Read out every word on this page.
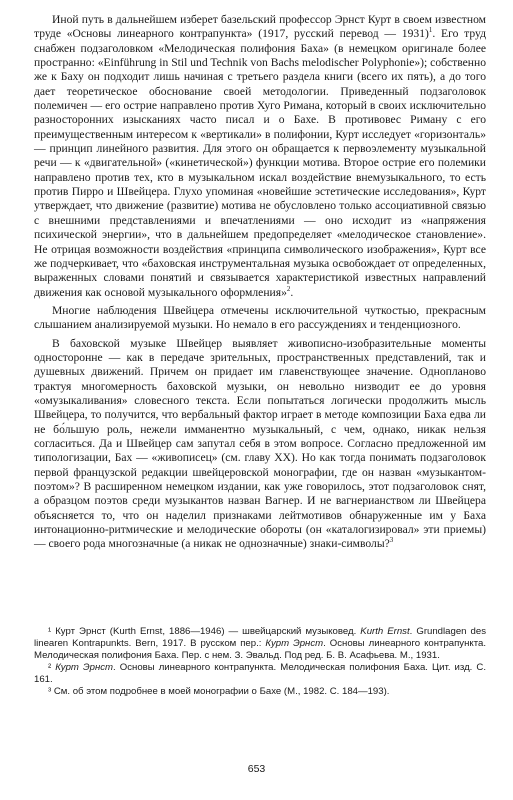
Иной путь в дальнейшем изберет базельский профессор Эрнст Курт в своем известном труде «Основы линеарного контрапункта» (1917, русский перевод — 1931)$^1$. Его труд снабжен подзаголовком «Мелодическая полифония Баха» (в немецком оригинале более пространно: «Einführung in Stil und Technik von Bachs melodischer Polyphonie»); собственно же к Баху он подходит лишь начиная с третьего раздела книги (всего их пять), а до того дает теоретическое обоснование своей методологии. Приведенный подзаголовок полемичен — его острие направлено против Хуго Римана, который в своих исключительно разносторонних изысканиях часто писал и о Бахе. В противовес Риману с его преимущественным интересом к «вертикали» в полифонии, Курт исследует «горизонталь» — принцип линейного развития. Для этого он обращается к первоэлементу музыкальной речи — к «двигательной» («кинетической») функции мотива. Второе острие его полемики направлено против тех, кто в музыкальном искал воздействие внемузыкального, то есть против Пирро и Швейцера. Глухо упоминая «новейшие эстетические исследования», Курт утверждает, что движение (развитие) мотива не обусловлено только ассоциативной связью с внешними представлениями и впечатлениями — оно исходит из «напряжения психической энергии», что в дальнейшем предопределяет «мелодическое становление». Не отрицая возможности воздействия «принципа символического изображения», Курт все же подчеркивает, что «баховская инструментальная музыка освобождает от определенных, выраженных словами понятий и связывается характеристикой известных направлений движения как основой музыкального оформления»$^2$.

Многие наблюдения Швейцера отмечены исключительной чуткостью, прекрасным слышанием анализируемой музыки. Но немало в его рассуждениях и тенденциозного.

В баховской музыке Швейцер выявляет живописно-изобразительные моменты односторонне — как в передаче зрительных, пространственных представлений, так и душевных движений. Причем он придает им главенствующее значение. Однопланово трактуя многомерность баховской музыки, он невольно низводит ее до уровня «омузыкаливания» словесного текста. Если попытаться логически продолжить мысль Швейцера, то получится, что вербальный фактор играет в методе композиции Баха едва ли не бо́льшую роль, нежели имманентно музыкальный, с чем, однако, никак нельзя согласиться. Да и Швейцер сам запутал себя в этом вопросе. Согласно предложенной им типологизации, Бах — «живописец» (см. главу XX). Но как тогда понимать подзаголовок первой французской редакции швейцеровской монографии, где он назван «музыкантом-поэтом»? В расширенном немецком издании, как уже говорилось, этот подзаголовок снят, а образцом поэтов среди музыкантов назван Вагнер. И не вагнерианством ли Швейцера объясняется то, что он наделил признаками лейтмотивов обнаруженные им у Баха интонационно-ритмические и мелодические обороты (он «каталогизировал» эти приемы) — своего рода многозначные (а никак не однозначные) знаки-символы?$^3$

¹ Курт Эрнст (Kurth Ernst, 1886—1946) — швейцарский музыковед. Kurth Ernst. Grundlagen des linearen Kontrapunkts. Bern, 1917. В русском пер.: Курт Эрнст. Основы линеарного контрапункта. Мелодическая полифония Баха. Пер. с нем. З. Эвальд. Под ред. Б. В. Асафьева. М., 1931.

² Курт Эрнст. Основы линеарного контрапункта. Мелодическая полифония Баха. Цит. изд. С. 161.

³ См. об этом подробнее в моей монографии о Бахе (М., 1982. С. 184—193).

653
